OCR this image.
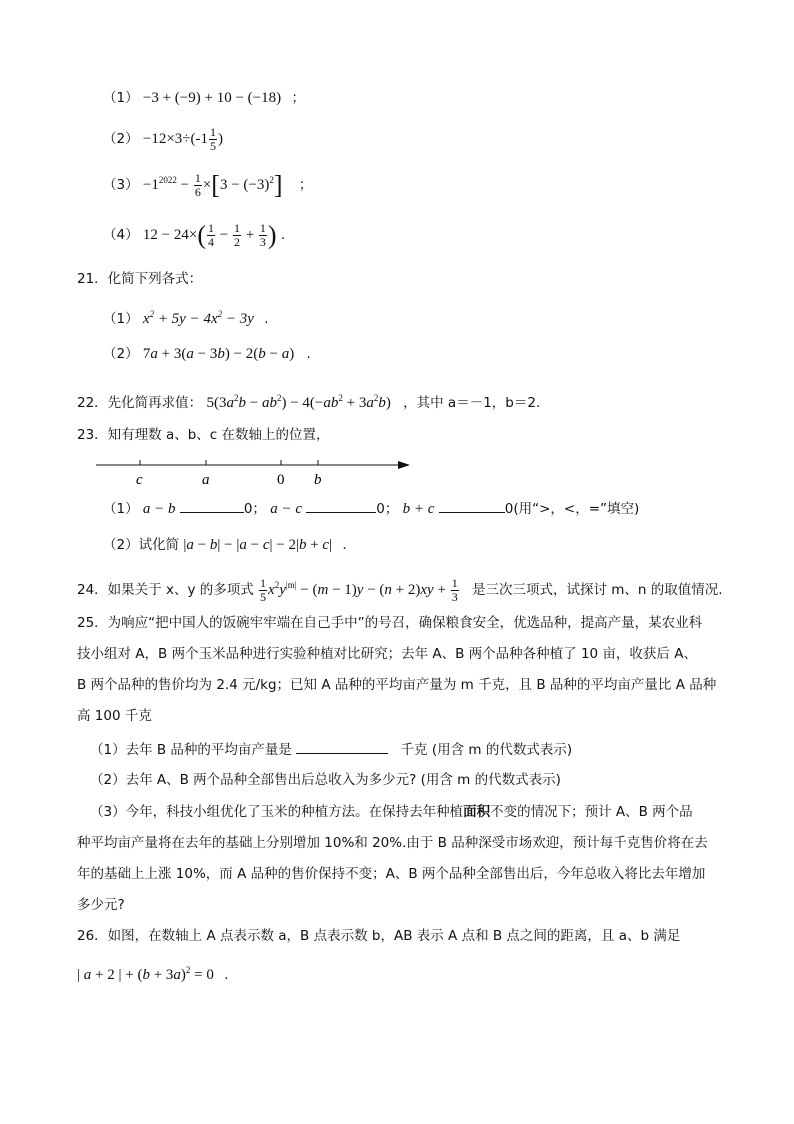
（1） −3 + (−9) + 10 − (−18) ；
$(2) -12\times 3\div(-1 \frac{1}{5}$ )
$(3) -1^{2022} - \frac{1}{6} \times[3 - (-3)^2]$ ；
（4） $12 - 24\times( \frac{1}{4} - \frac{1}{2} + \frac{1}{3}$ ) .
21．化简下列各式：
（1） $x^2 + 5y - 4x^2 - 3y$ .
（2） 7a + 3(a − 3b) − 2(b − a) .
22．先化简再求值： $5(3a^2b - ab^2) - 4(-ab^2 + 3a^2b)$ ，其中 a＝－1，b＝2.
23．知有理数 a、b、c 在数轴上的位置，
c	a	0 b
（1） a − b	0； a − c	0； b + c	0(用“>，<，=”填空)
（2）试化简 |a − b| − |a − c| − 2|b + c| .
24．如果关于 x、y 的多项式 $\frac{1}{5} x^2y^{|m|} - (m - 1)y - (n + 2)xy + \frac{1}{3}$ 是三次三项式，试探讨 m、n 的取值情况.
25．为响应“把中国人的饭碗牢牢端在自己手中”的号召，确保粮食安全，优选品种，提高产量，某农业科
技小组对 A，B 两个玉米品种进行实验种植对比研究；去年 A、B 两个品种各种植了 10 亩，收获后 A、
B 两个品种的售价均为 2.4 元/kg；已知 A 品种的平均亩产量为 m 千克，且 B 品种的平均亩产量比 A 品种
高 100 千克
（1）去年 B 品种的平均亩产量是	千克 (用含 m 的代数式表示)
（2）去年 A、B 两个品种全部售出后总收入为多少元? (用含 m 的代数式表示)
（3）今年，科技小组优化了玉米的种植方法。在保持去年种植面积不变的情况下；预计 A、B 两个品
种平均亩产量将在去年的基础上分别增加 10%和 20%.由于 B 品种深受市场欢迎，预计每千克售价将在去
年的基础上上涨 10%，而 A 品种的售价保持不变；A、B 两个品种全部售出后，今年总收入将比去年增加
多少元?
26．如图，在数轴上 A 点表示数 a，B 点表示数 b，AB 表示 A 点和 B 点之间的距离，且 a、b 满足
| a + 2 | + $(b + 3a)^2 = 0$ .
